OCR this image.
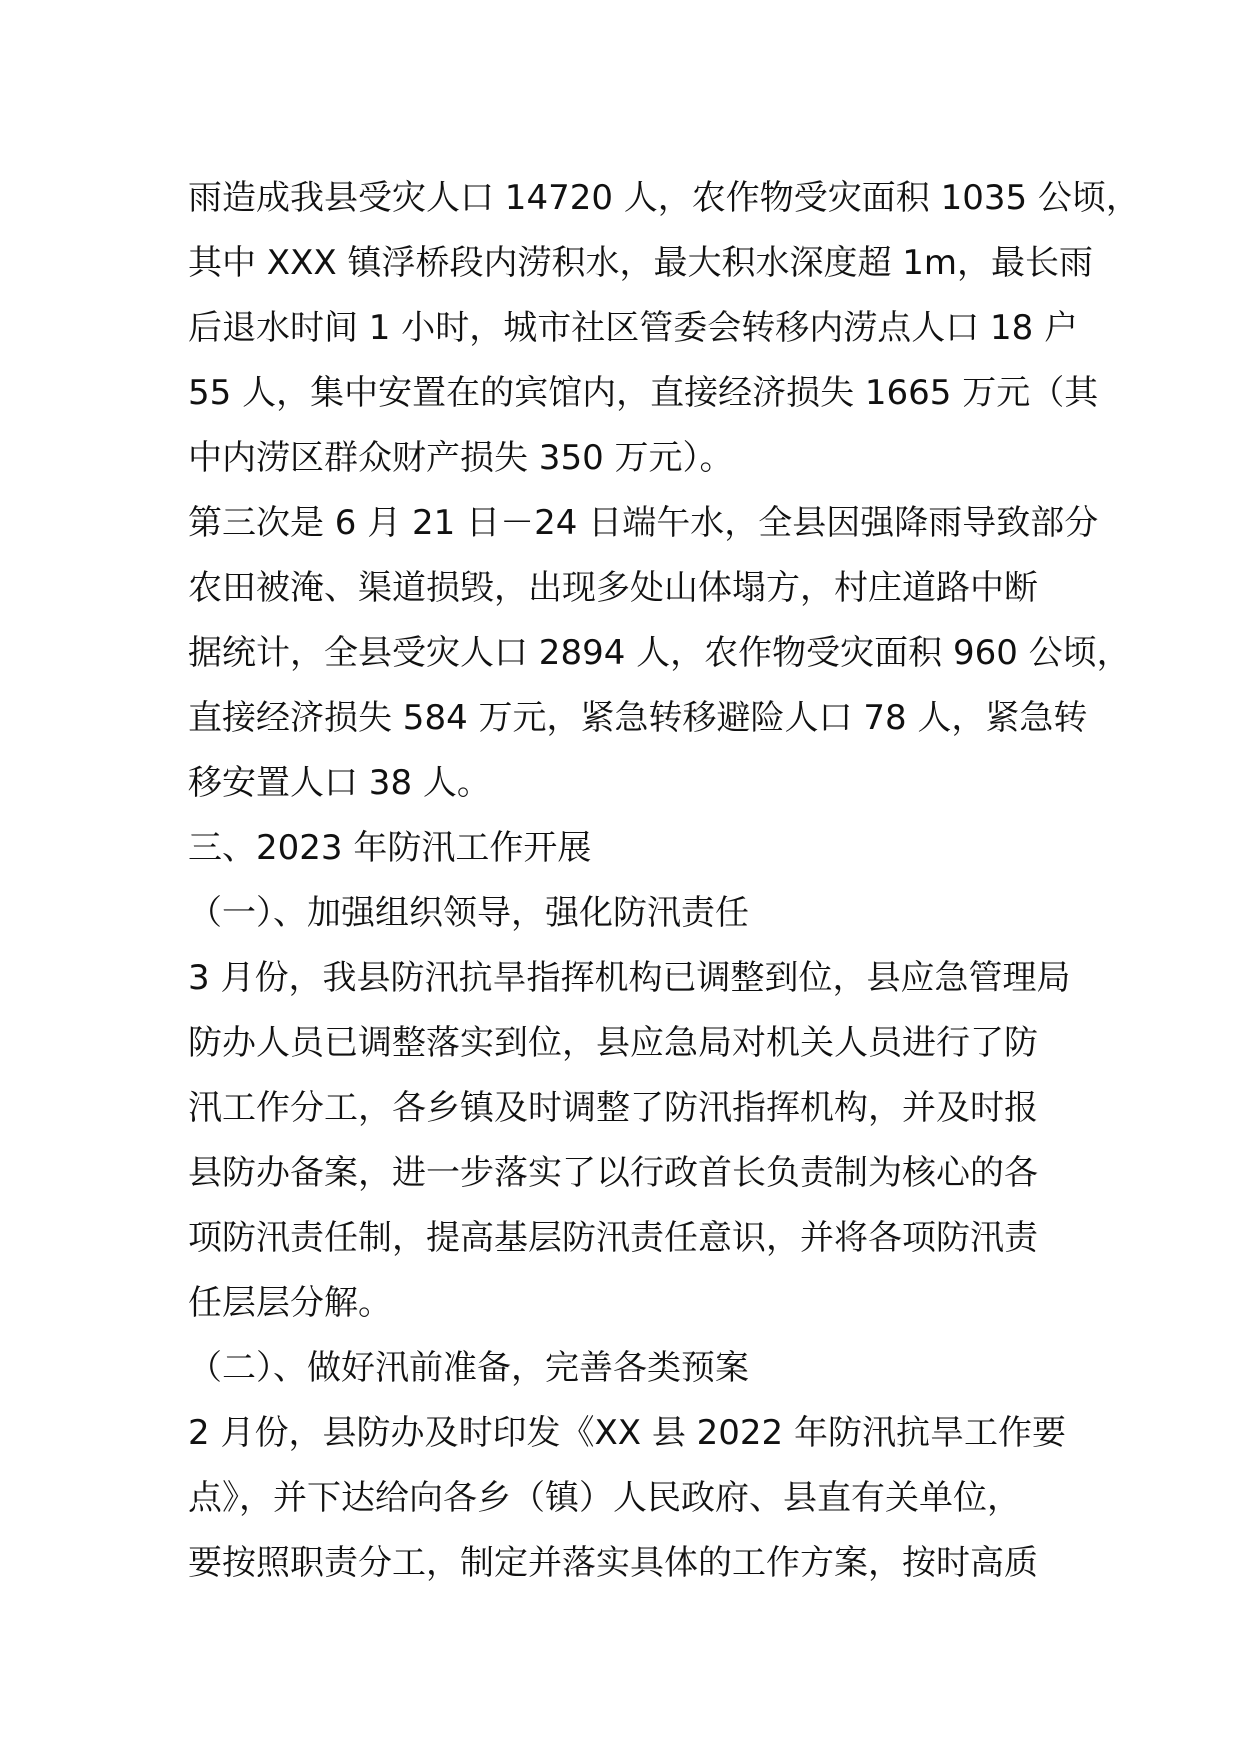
雨造成我县受灾人口 14720 人，农作物受灾面积 1035 公顷，
其中 XXX 镇浮桥段内涝积水，最大积水深度超 1m，最长雨
后退水时间 1 小时，城市社区管委会转移内涝点人口 18 户
55 人，集中安置在的宾馆内，直接经济损失 1665 万元（其
中内涝区群众财产损失 350 万元）。
第三次是 6 月 21 日－24 日端午水，全县因强降雨导致部分
农田被淹、渠道损毁，出现多处山体塌方，村庄道路中断
据统计，全县受灾人口 2894 人，农作物受灾面积 960 公顷，
直接经济损失 584 万元，紧急转移避险人口 78 人，紧急转
移安置人口 38 人。
三、2023 年防汛工作开展
（一）、加强组织领导，强化防汛责任
3 月份，我县防汛抗旱指挥机构已调整到位，县应急管理局
防办人员已调整落实到位，县应急局对机关人员进行了防
汛工作分工，各乡镇及时调整了防汛指挥机构，并及时报
县防办备案，进一步落实了以行政首长负责制为核心的各
项防汛责任制，提高基层防汛责任意识，并将各项防汛责
任层层分解。
（二）、做好汛前准备，完善各类预案
2 月份，县防办及时印发《XX 县 2022 年防汛抗旱工作要
点》，并下达给向各乡（镇）人民政府、县直有关单位，
要按照职责分工，制定并落实具体的工作方案，按时高质
